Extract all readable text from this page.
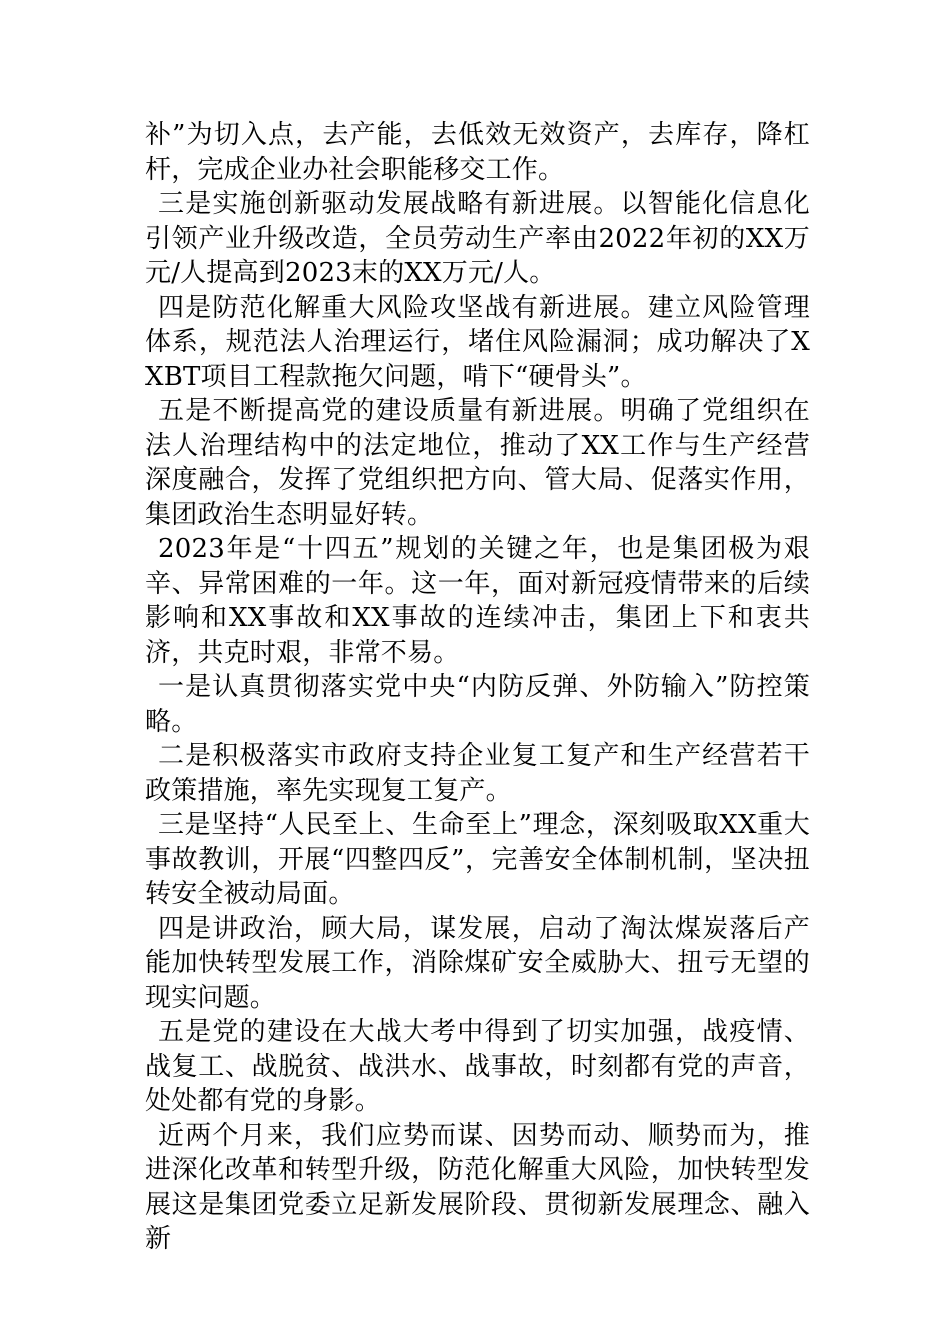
补”为切入点，去产能，去低效无效资产，去库存，降杠杆，完成企业办社会职能移交工作。

三是实施创新驱动发展战略有新进展。以智能化信息化引领产业升级改造，全员劳动生产率由2022年初的XX万元/人提高到2023末的XX万元/人。

四是防范化解重大风险攻坚战有新进展。建立风险管理体系，规范法人治理运行，堵住风险漏洞；成功解决了XXBT项目工程款拖欠问题，啃下“硬骨头”。

五是不断提高党的建设质量有新进展。明确了党组织在法人治理结构中的法定地位，推动了XX工作与生产经营深度融合，发挥了党组织把方向、管大局、促落实作用，集团政治生态明显好转。

2023年是“十四五”规划的关键之年，也是集团极为艰辛、异常困难的一年。这一年，面对新冠疫情带来的后续影响和XX事故和XX事故的连续冲击，集团上下和衷共济，共克时艰，非常不易。

一是认真贯彻落实党中央“内防反弹、外防输入”防控策略。

二是积极落实市政府支持企业复工复产和生产经营若干政策措施，率先实现复工复产。

三是坚持“人民至上、生命至上”理念，深刻吸取XX重大事故教训，开展“四整四反”，完善安全体制机制，坚决扭转安全被动局面。

四是讲政治，顾大局，谋发展，启动了淘汰煤炭落后产能加快转型发展工作，消除煤矿安全威胁大、扭亏无望的现实问题。

五是党的建设在大战大考中得到了切实加强，战疫情、战复工、战脱贫、战洪水、战事故，时刻都有党的声音，处处都有党的身影。

近两个月来，我们应势而谋、因势而动、顺势而为，推进深化改革和转型升级，防范化解重大风险，加快转型发展这是集团党委立足新发展阶段、贯彻新发展理念、融入新
